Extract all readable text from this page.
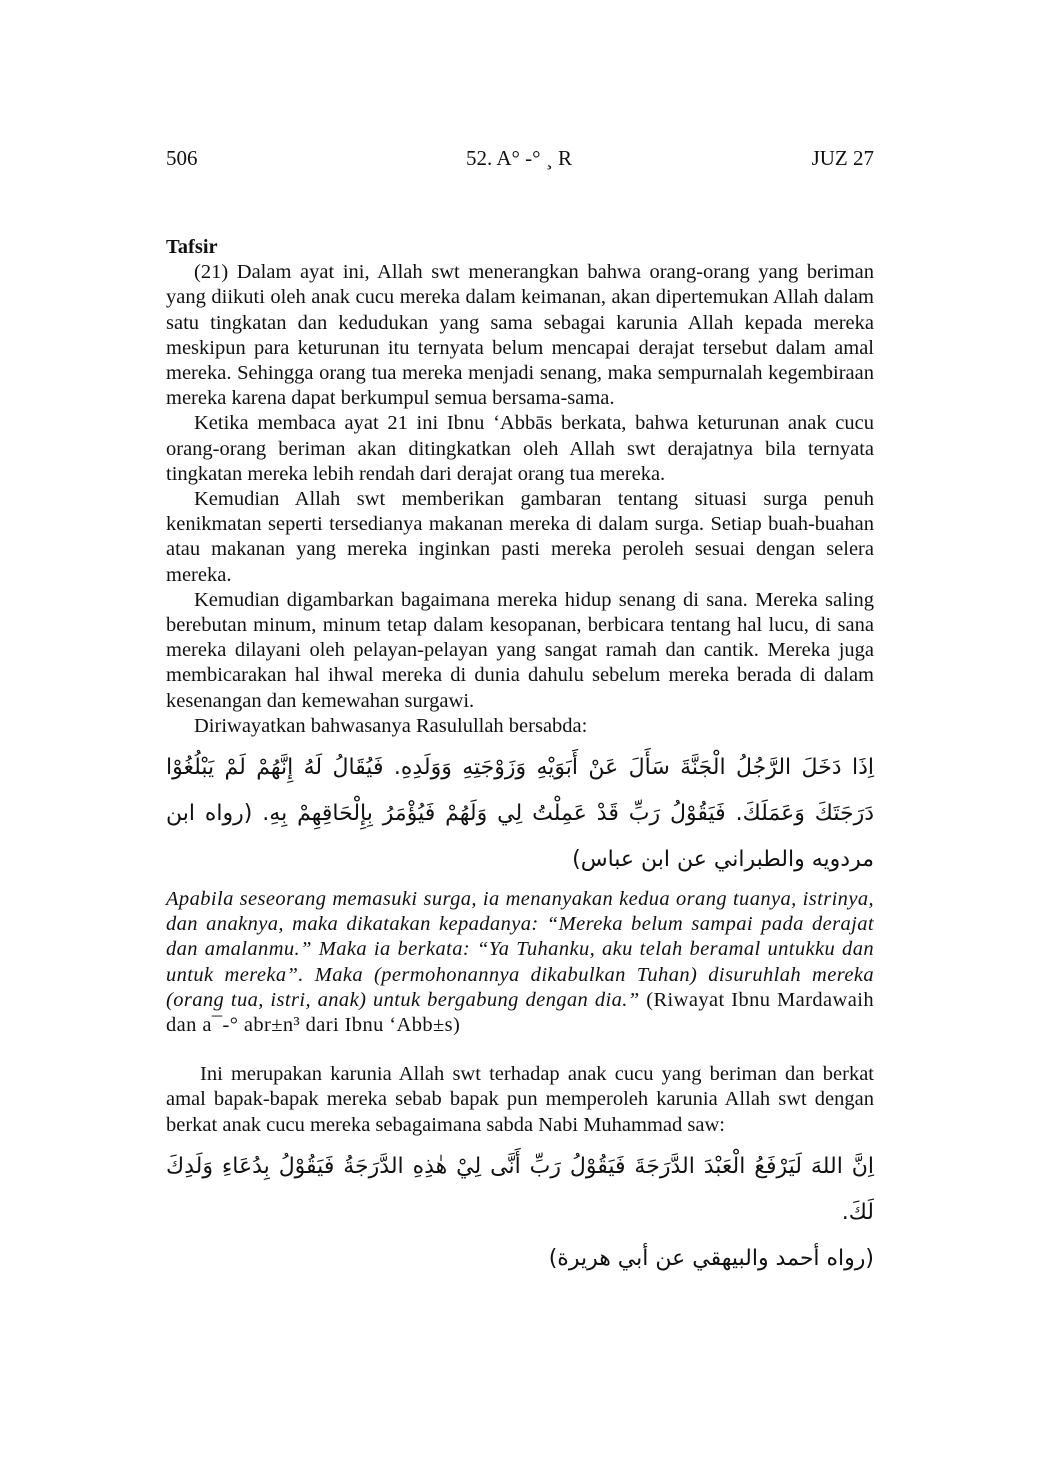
506	52. A° -° ¸ R	JUZ 27

Tafsir

(21) Dalam ayat ini, Allah swt menerangkan bahwa orang-orang yang beriman yang diikuti oleh anak cucu mereka dalam keimanan, akan dipertemukan Allah dalam satu tingkatan dan kedudukan yang sama sebagai karunia Allah kepada mereka meskipun para keturunan itu ternyata belum mencapai derajat tersebut dalam amal mereka. Sehingga orang tua mereka menjadi senang, maka sempurnalah kegembiraan mereka karena dapat berkumpul semua bersama-sama.

Ketika membaca ayat 21 ini Ibnu ‘Abbās berkata, bahwa keturunan anak cucu orang-orang beriman akan ditingkatkan oleh Allah swt derajatnya bila ternyata tingkatan mereka lebih rendah dari derajat orang tua mereka.

Kemudian Allah swt memberikan gambaran tentang situasi surga penuh kenikmatan seperti tersedianya makanan mereka di dalam surga. Setiap buah-buahan atau makanan yang mereka inginkan pasti mereka peroleh sesuai dengan selera mereka.

Kemudian digambarkan bagaimana mereka hidup senang di sana. Mereka saling berebutan minum, minum tetap dalam kesopanan, berbicara tentang hal lucu, di sana mereka dilayani oleh pelayan-pelayan yang sangat ramah dan cantik. Mereka juga membicarakan hal ihwal mereka di dunia dahulu sebelum mereka berada di dalam kesenangan dan kemewahan surgawi.

Diriwayatkan bahwasanya Rasulullah bersabda:

اِذَا دَخَلَ الرَّجُلُ الْجَنَّةَ سَأَلَ عَنْ أَبَوَيْهِ وَزَوْجَتِهِ وَوَلَدِهِ. فَيُقَالُ لَهُ إِنَّهُمْ لَمْ يَبْلُغُوْا دَرَجَتَكَ وَعَمَلَكَ. فَيَقُوْلُ رَبِّ قَدْ عَمِلْتُ لِي وَلَهُمْ فَيُؤْمَرُ بِإِلْحَاقِهِمْ بِهِ. (رواه ابن مردويه والطبراني عن ابن عباس)

Apabila seseorang memasuki surga, ia menanyakan kedua orang tuanya, istrinya, dan anaknya, maka dikatakan kepadanya: “Mereka belum sampai pada derajat dan amalanmu.” Maka ia berkata: “Ya Tuhanku, aku telah beramal untukku dan untuk mereka”. Maka (permohonannya dikabulkan Tuhan) disuruhlah mereka (orang tua, istri, anak) untuk bergabung dengan dia.” (Riwayat Ibnu Mardawaih dan a¯-° abr±n³ dari Ibnu ‘Abb±s)

Ini merupakan karunia Allah swt terhadap anak cucu yang beriman dan berkat amal bapak-bapak mereka sebab bapak pun memperoleh karunia Allah swt dengan berkat anak cucu mereka sebagaimana sabda Nabi Muhammad saw:

اِنَّ اللهَ لَيَرْفَعُ الْعَبْدَ الدَّرَجَةَ فَيَقُوْلُ رَبِّ أَنَّى لِيْ هٰذِهِ الدَّرَجَةُ فَيَقُوْلُ بِدُعَاءِ وَلَدِكَ لَكَ.
(رواه أحمد والبيهقي عن أبي هريرة)
